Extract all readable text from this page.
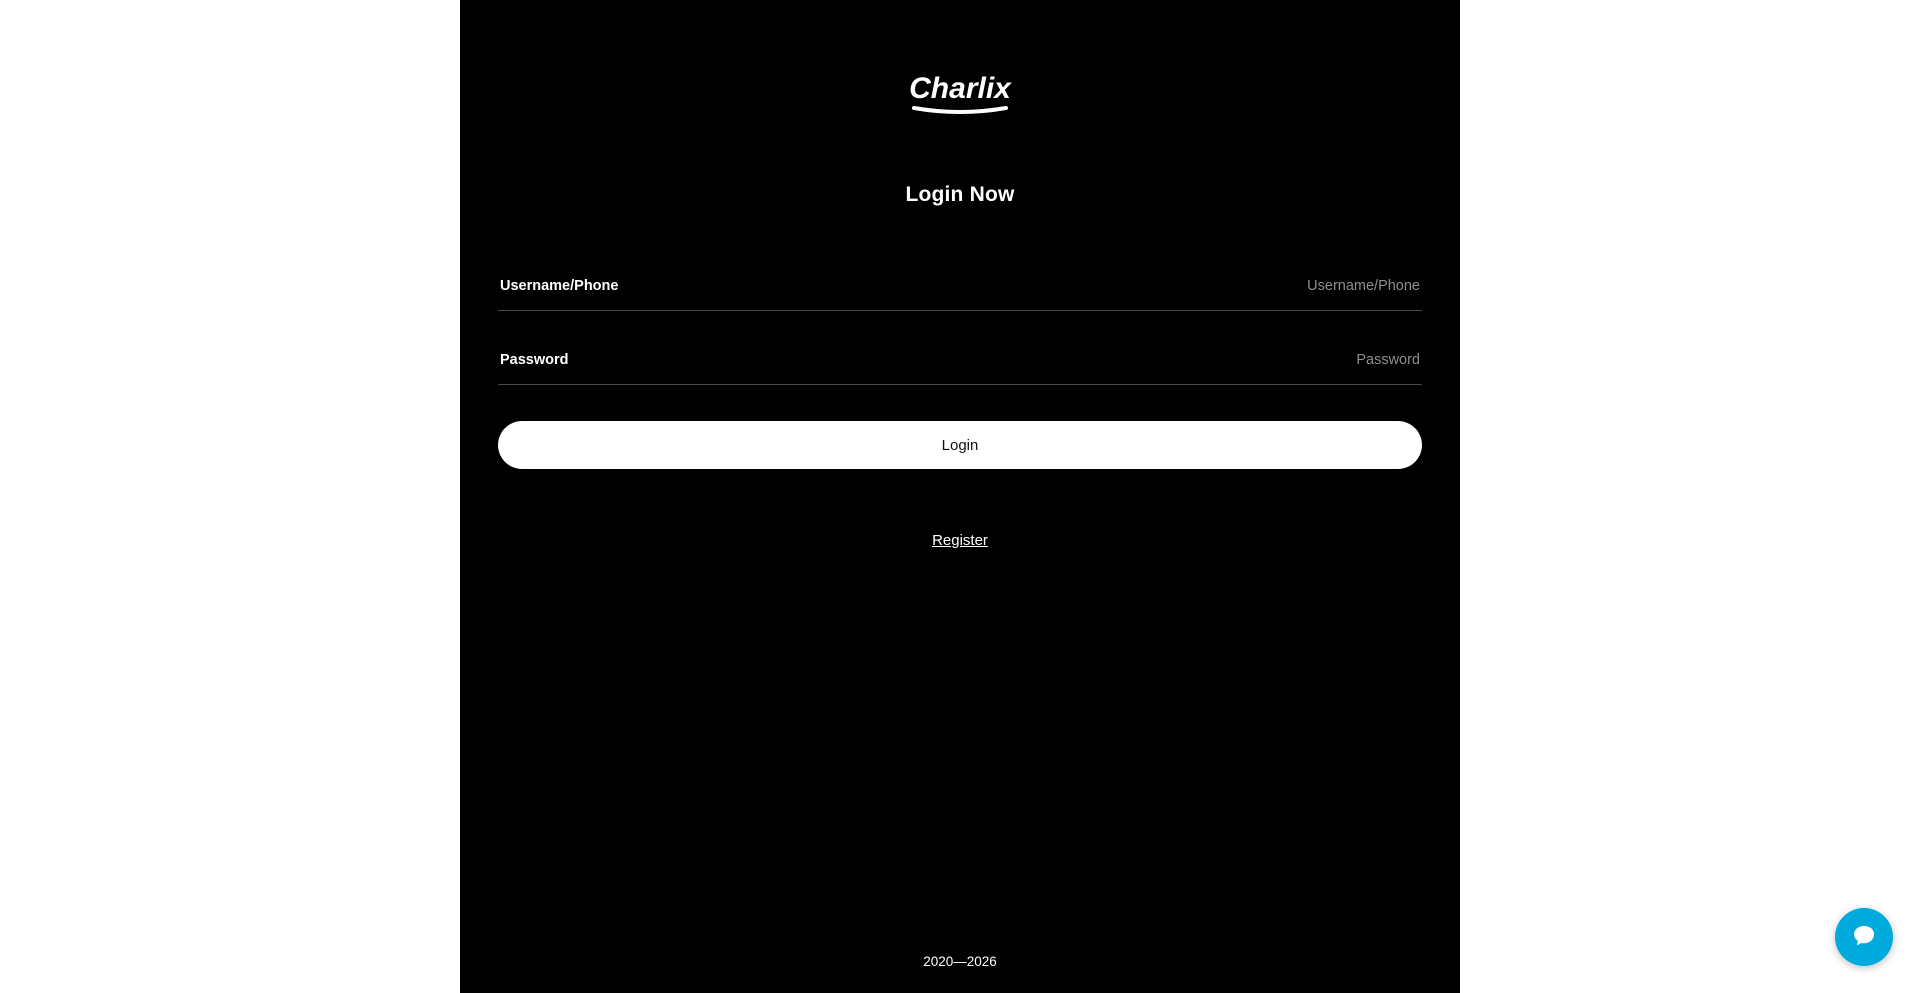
Charlix
Login Now
Username/Phone
Username/Phone
Password
Login
Register
2020—2026
